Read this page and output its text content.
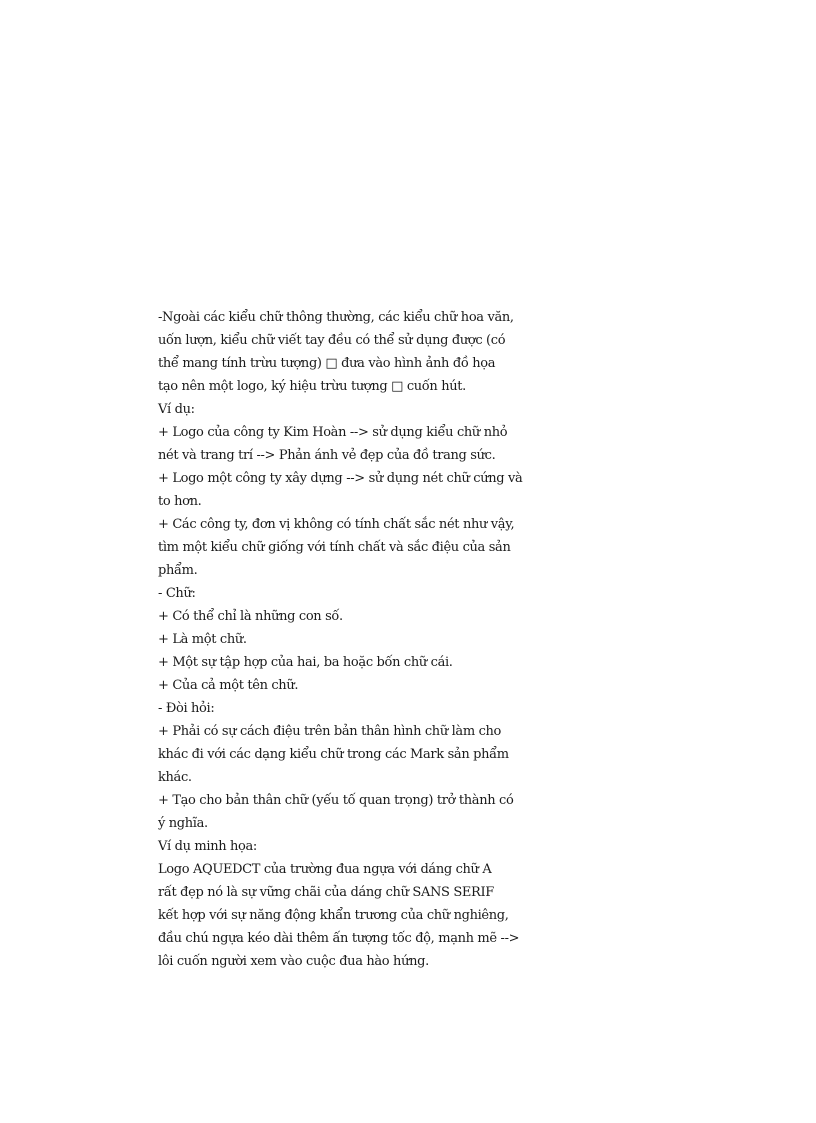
-Ngoài các kiểu chữ thông thường, các kiểu chữ hoa văn,
uốn lượn, kiểu chữ viết tay đều có thể sử dụng được (có
thể mang tính trừu tượng) □ đưa vào hình ảnh đồ họa
tạo nên một logo, ký hiệu trừu tượng □ cuốn hút.
Ví dụ:
+ Logo của công ty Kim Hoàn --> sử dụng kiểu chữ nhỏ
nét và trang trí --> Phản ánh vẻ đẹp của đồ trang sức.
+ Logo một công ty xây dựng --> sử dụng nét chữ cứng và
to hơn.
+ Các công ty, đơn vị không có tính chất sắc nét như vậy,
tìm một kiểu chữ giống với tính chất và sắc điệu của sản
phẩm.
- Chữ:
+ Có thể chỉ là những con số.
+ Là một chữ.
+ Một sự tập hợp của hai, ba hoặc bốn chữ cái.
+ Của cả một tên chữ.
- Đòi hỏi:
+ Phải có sự cách điệu trên bản thân hình chữ làm cho
khác đi với các dạng kiểu chữ trong các Mark sản phẩm
khác.
+ Tạo cho bản thân chữ (yếu tố quan trọng) trở thành có
ý nghĩa.
Ví dụ minh họa:
Logo AQUEDCT của trường đua ngựa với dáng chữ A
rất đẹp nó là sự vững chãi của dáng chữ SANS SERIF
kết hợp với sự năng động khẩn trương của chữ nghiêng,
đầu chú ngựa kéo dài thêm ấn tượng tốc độ, mạnh mẽ -->
lôi cuốn người xem vào cuộc đua hào hứng.
